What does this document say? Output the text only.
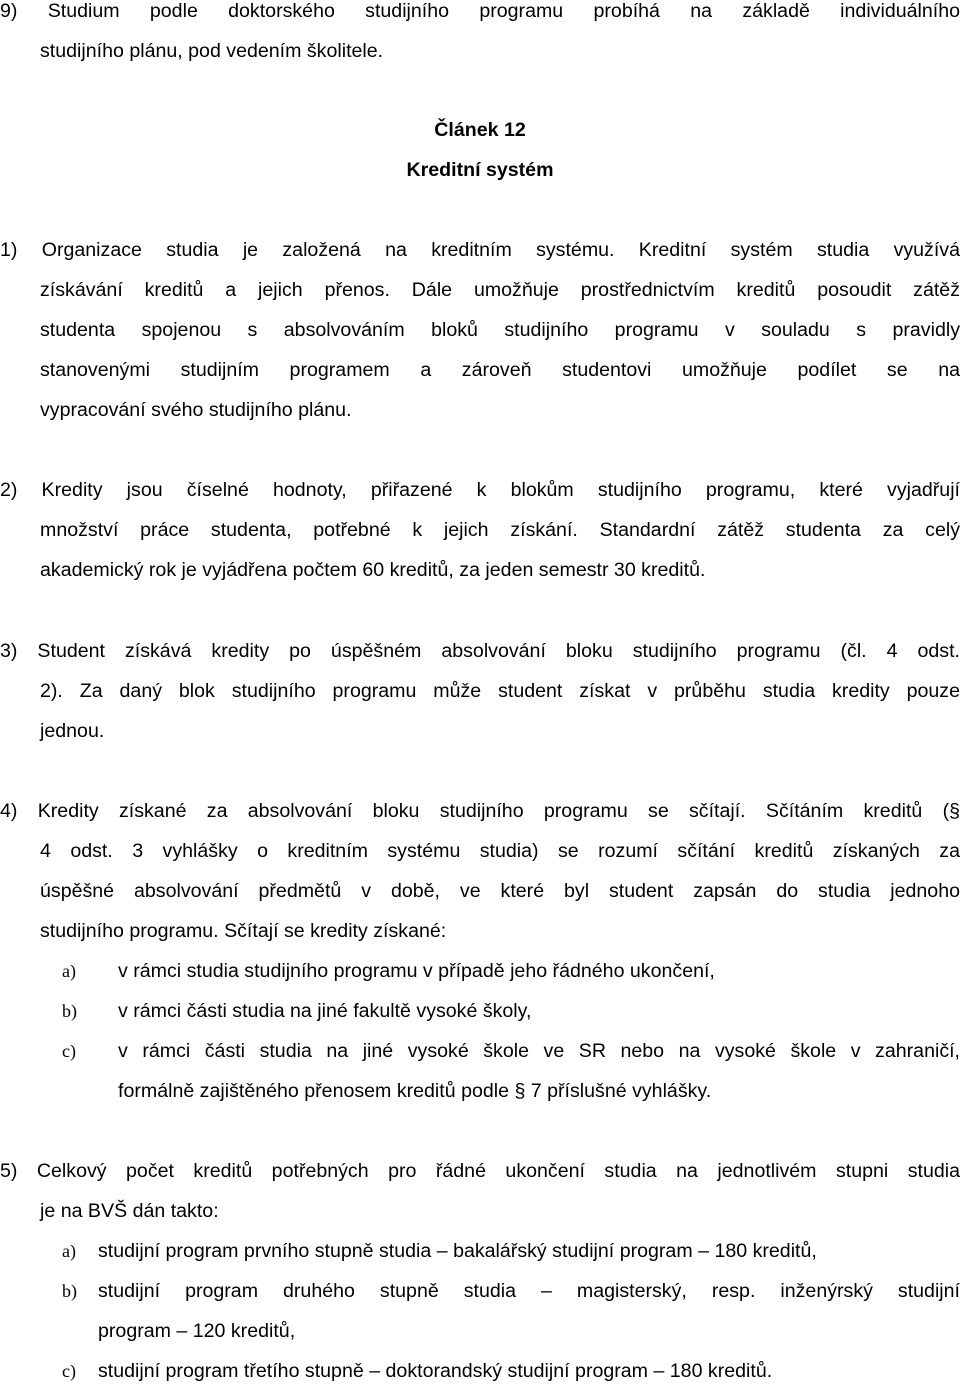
9) Studium podle doktorského studijního programu probíhá na základě individuálního
studijního plánu, pod vedením školitele.
Článek 12
Kreditní systém
1) Organizace studia je založená na kreditním systému. Kreditní systém studia využívá
získávání kreditů a jejich přenos. Dále umožňuje prostřednictvím kreditů posoudit zátěž
studenta spojenou s absolvováním bloků studijního programu v souladu s pravidly
stanovenými studijním programem a zároveň studentovi umožňuje podílet se na
vypracování svého studijního plánu.
2) Kredity jsou číselné hodnoty, přiřazené k blokům studijního programu, které vyjadřují
množství práce studenta, potřebné k jejich získání. Standardní zátěž studenta za celý
akademický rok je vyjádřena počtem 60 kreditů, za jeden semestr 30 kreditů.
3) Student získává kredity po úspěšném absolvování bloku studijního programu (čl. 4 odst.
2). Za daný blok studijního programu může student získat v průběhu studia kredity pouze
jednou.
4) Kredity získané za absolvování bloku studijního programu se sčítají. Sčítáním kreditů (§
4 odst. 3 vyhlášky o kreditním systému studia) se rozumí sčítání kreditů získaných za
úspěšné absolvování předmětů v době, ve které byl student zapsán do studia jednoho
studijního programu. Sčítají se kredity získané:
a) v rámci studia studijního programu v případě jeho řádného ukončení,
b) v rámci části studia na jiné fakultě vysoké školy,
c) v rámci části studia na jiné vysoké škole ve SR nebo na vysoké škole v zahraničí,
formálně zajištěného přenosem kreditů podle § 7 příslušné vyhlášky.
5) Celkový počet kreditů potřebných pro řádné ukončení studia na jednotlivém stupni studia
je na BVŠ dán takto:
a) studijní program prvního stupně studia – bakalářský studijní program – 180 kreditů,
b) studijní program druhého stupně studia – magisterský, resp. inženýrský studijní
program – 120 kreditů,
c) studijní program třetího stupně – doktorandský studijní program – 180 kreditů.
